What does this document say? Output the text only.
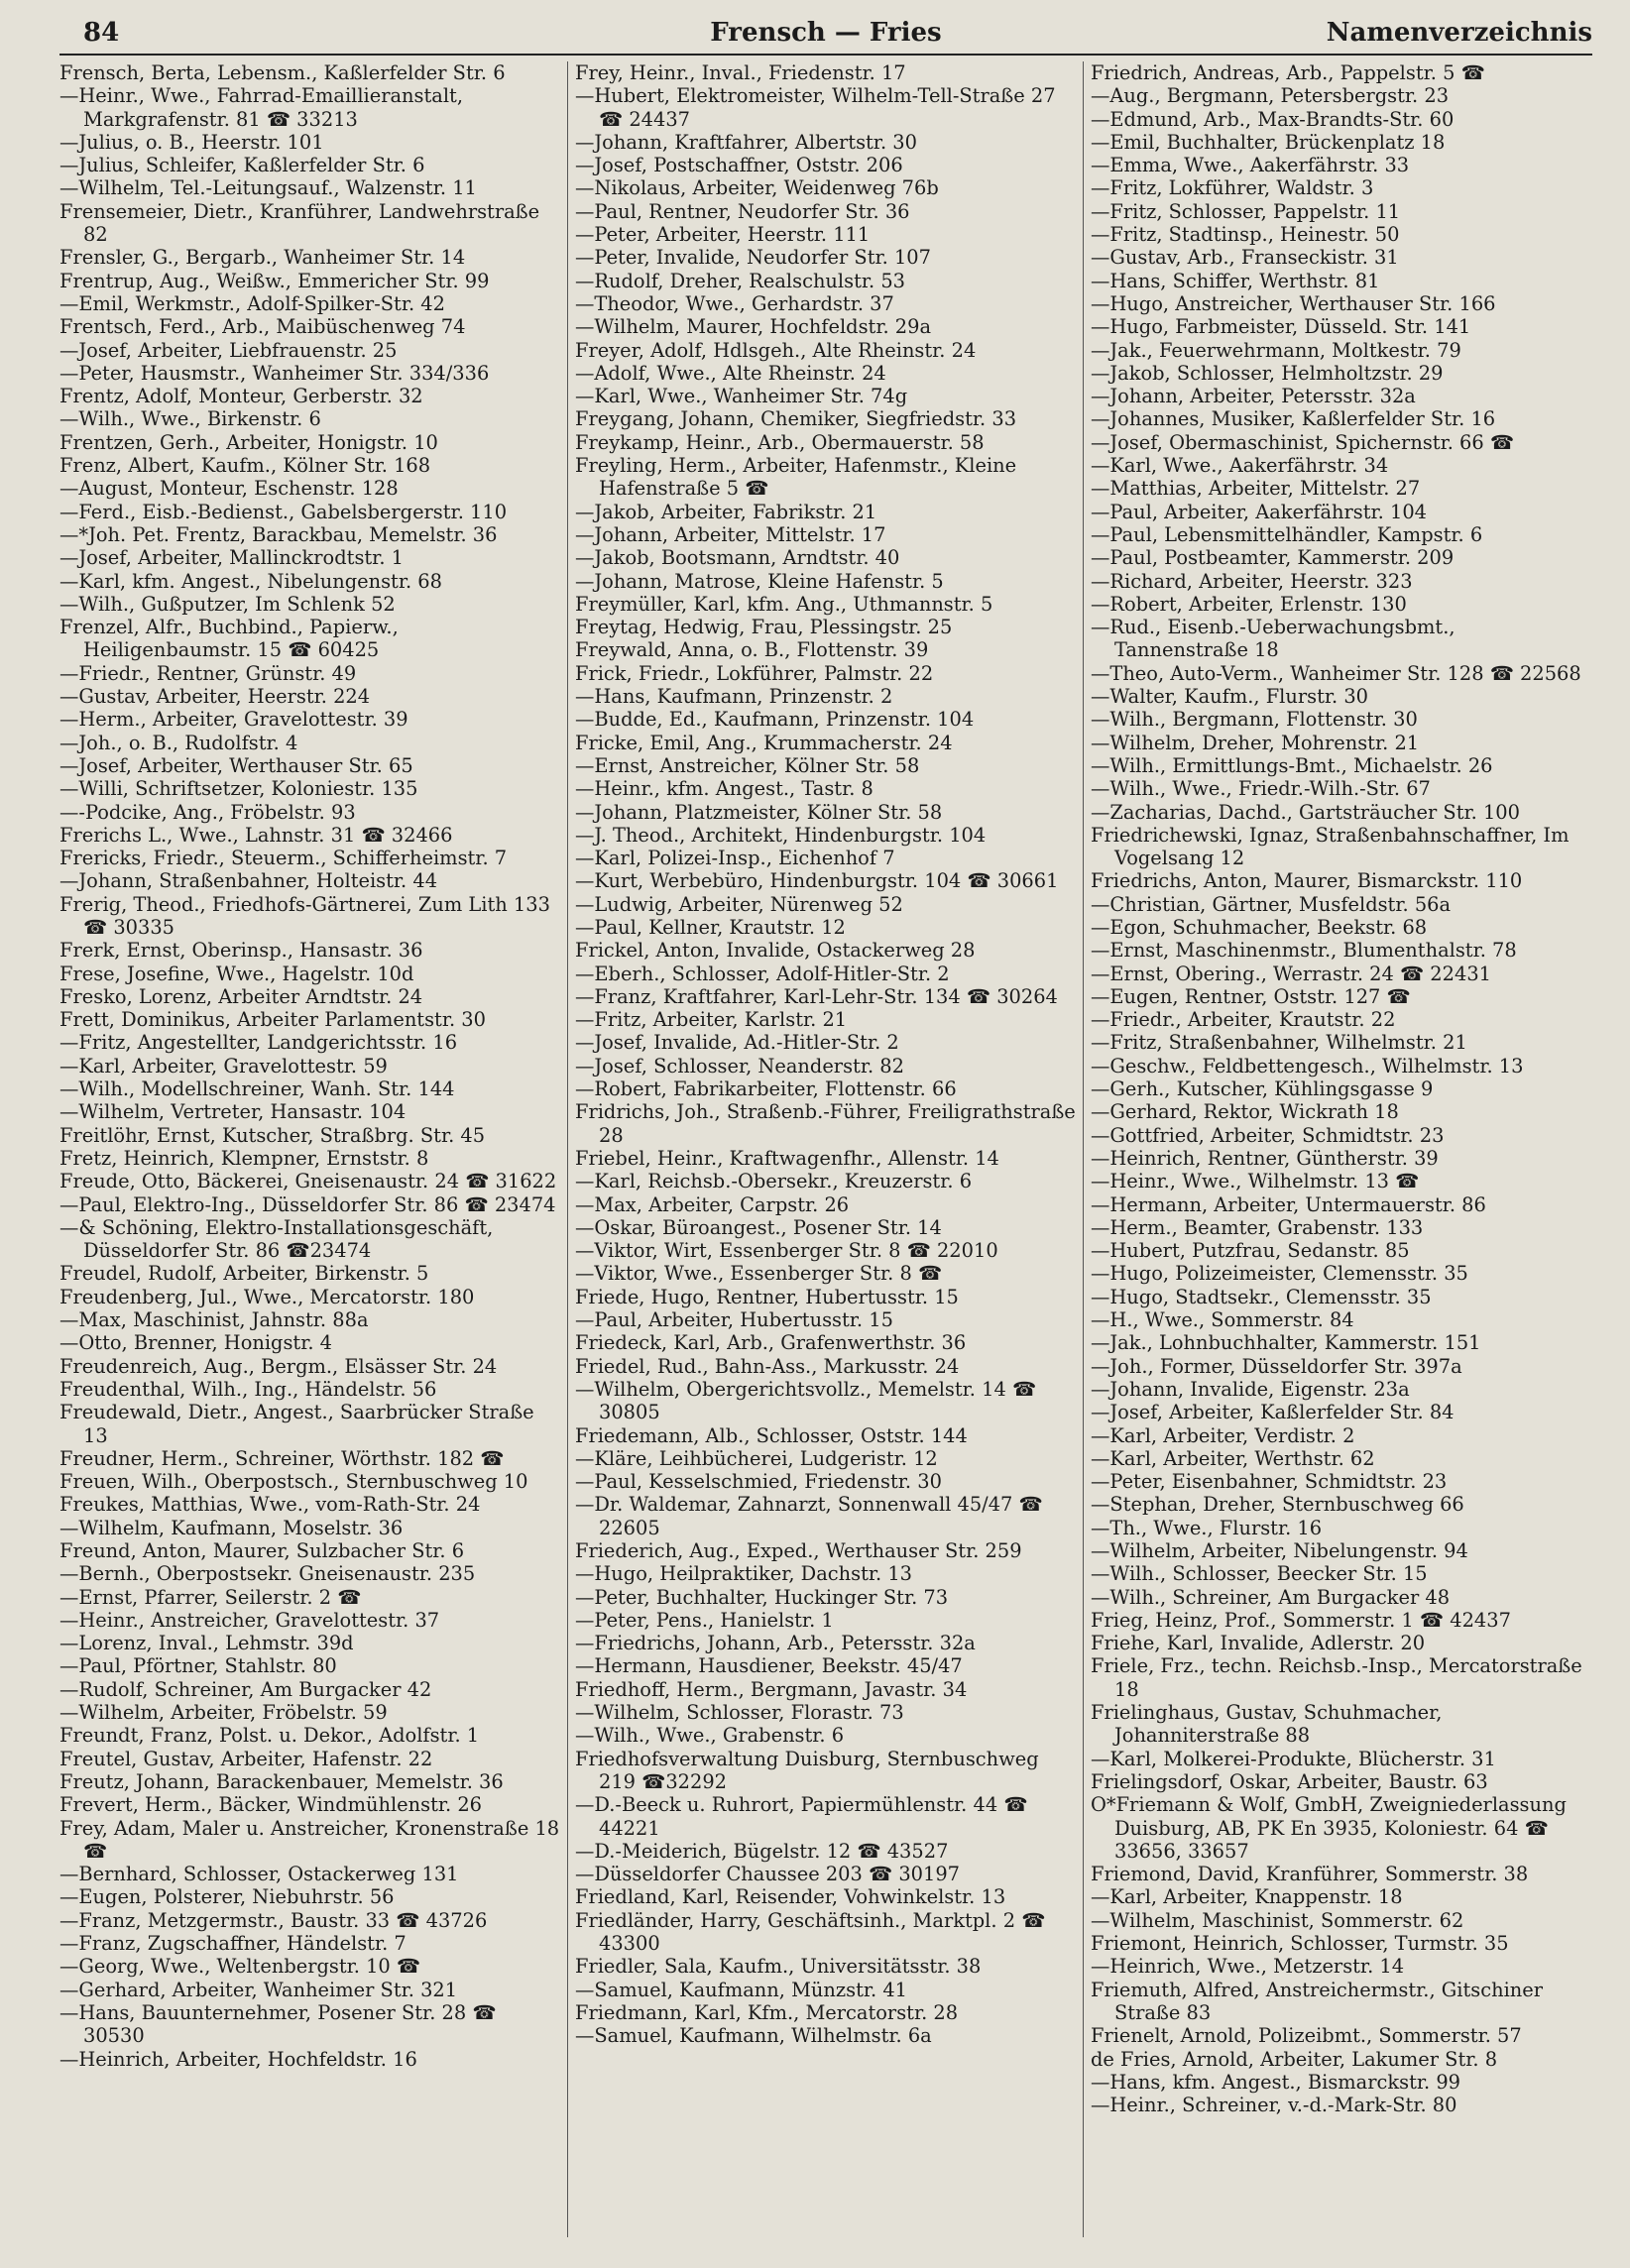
Frensch — Fries
84	Namenverzeichnis
Frensch, Berta, Lebensm., Kaßlerfelder Str. 6
—Heinr., Wwe., Fahrrad-Emaillieranstalt, Markgrafenstr. 81 ☎ 33213
—Julius, o. B., Heerstr. 101
—Julius, Schleifer, Kaßlerfelder Str. 6
—Wilhelm, Tel.-Leitungsauf., Walzenstr. 11
Frensemeier, Dietr., Kranführer, Landwehrstraße 82
Frensler, G., Bergarb., Wanheimer Str. 14
Frentrup, Aug., Weißw., Emmericher Str. 99
—Emil, Werkmstr., Adolf-Spilker-Str. 42
Frentsch, Ferd., Arb., Maibüschenweg 74
—Josef, Arbeiter, Liebfrauenstr. 25
—Peter, Hausmstr., Wanheimer Str. 334/336
Frentz, Adolf, Monteur, Gerberstr. 32
—Wilh., Wwe., Birkenstr. 6
Frentzen, Gerh., Arbeiter, Honigstr. 10
Frenz, Albert, Kaufm., Kölner Str. 168
—August, Monteur, Eschenstr. 128
—Ferd., Eisb.-Bedienst., Gabelsbergerstr. 110
—*Joh. Pet. Frentz, Barackbau, Memelstr. 36
—Josef, Arbeiter, Mallinckrodtstr. 1
—Karl, kfm. Angest., Nibelungenstr. 68
—Wilh., Gußputzer, Im Schlenk 52
Frenzel, Alfr., Buchbind., Papierw., Heiligenbaumstr. 15 ☎ 60425
—Friedr., Rentner, Grünstr. 49
—Gustav, Arbeiter, Heerstr. 224
—Herm., Arbeiter, Gravelottestr. 39
—Joh., o. B., Rudolfstr. 4
—Josef, Arbeiter, Werthauser Str. 65
—Willi, Schriftsetzer, Koloniestr. 135
—-Podcike, Ang., Fröbelstr. 93
Frerichs L., Wwe., Lahnstr. 31 ☎ 32466
Frericks, Friedr., Steuerm., Schifferheimstr. 7
—Johann, Straßenbahner, Holteistr. 44
Frerig, Theod., Friedhofs-Gärtnerei, Zum Lith 133 ☎ 30335
Frerk, Ernst, Oberinsp., Hansastr. 36
Frese, Josefine, Wwe., Hagelstr. 10d
Fresko, Lorenz, Arbeiter Arndtstr. 24
Frett, Dominikus, Arbeiter Parlamentstr. 30
—Fritz, Angestellter, Landgerichtsstr. 16
—Karl, Arbeiter, Gravelottestr. 59
—Wilh., Modellschreiner, Wanh. Str. 144
—Wilhelm, Vertreter, Hansastr. 104
Freitlöhr, Ernst, Kutscher, Straßbrg. Str. 45
Fretz, Heinrich, Klempner, Ernststr. 8
Freude, Otto, Bäckerei, Gneisenaustr. 24 ☎ 31622
—Paul, Elektro-Ing., Düsseldorfer Str. 86 ☎ 23474
—& Schöning, Elektro-Installationsgeschäft, Düsseldorfer Str. 86 ☎23474
Freudel, Rudolf, Arbeiter, Birkenstr. 5
Freudenberg, Jul., Wwe., Mercatorstr. 180
—Max, Maschinist, Jahnstr. 88a
—Otto, Brenner, Honigstr. 4
Freudenreich, Aug., Bergm., Elsässer Str. 24
Freudenthal, Wilh., Ing., Händelstr. 56
Freudewald, Dietr., Angest., Saarbrücker Straße 13
Freudner, Herm., Schreiner, Wörthstr. 182 ☎
Freuen, Wilh., Oberpostsch., Sternbuschweg 10
Freukes, Matthias, Wwe., vom-Rath-Str. 24
—Wilhelm, Kaufmann, Moselstr. 36
Freund, Anton, Maurer, Sulzbacher Str. 6
—Bernh., Oberpostsekr. Gneisenaustr. 235
—Ernst, Pfarrer, Seilerstr. 2 ☎
—Heinr., Anstreicher, Gravelottestr. 37
—Lorenz, Inval., Lehmstr. 39d
—Paul, Pförtner, Stahlstr. 80
—Rudolf, Schreiner, Am Burgacker 42
—Wilhelm, Arbeiter, Fröbelstr. 59
Freundt, Franz, Polst. u. Dekor., Adolfstr. 1
Freutel, Gustav, Arbeiter, Hafenstr. 22
Freutz, Johann, Barackenbauer, Memelstr. 36
Frevert, Herm., Bäcker, Windmühlenstr. 26
Frey, Adam, Maler u. Anstreicher, Kronenstraße 18 ☎
—Bernhard, Schlosser, Ostackerweg 131
—Eugen, Polsterer, Niebuhrstr. 56
—Franz, Metzgermstr., Baustr. 33 ☎ 43726
—Franz, Zugschaffner, Händelstr. 7
—Georg, Wwe., Weltenbergstr. 10 ☎
—Gerhard, Arbeiter, Wanheimer Str. 321
—Hans, Bauunternehmer, Posener Str. 28 ☎ 30530
—Heinrich, Arbeiter, Hochfeldstr. 16
Frey, Heinr., Inval., Friedenstr. 17
—Hubert, Elektromeister, Wilhelm-Tell-Straße 27 ☎ 24437
—Johann, Kraftfahrer, Albertstr. 30
—Josef, Postschaffner, Oststr. 206
—Nikolaus, Arbeiter, Weidenweg 76b
—Paul, Rentner, Neudorfer Str. 36
—Peter, Arbeiter, Heerstr. 111
—Peter, Invalide, Neudorfer Str. 107
—Rudolf, Dreher, Realschulstr. 53
—Theodor, Wwe., Gerhardstr. 37
—Wilhelm, Maurer, Hochfeldstr. 29a
Freyer, Adolf, Hdlsgeh., Alte Rheinstr. 24
—Adolf, Wwe., Alte Rheinstr. 24
—Karl, Wwe., Wanheimer Str. 74g
Freygang, Johann, Chemiker, Siegfriedstr. 33
Freykamp, Heinr., Arb., Obermauerstr. 58
Freyling, Herm., Arbeiter, Hafenmstr., Kleine Hafenstraße 5 ☎
—Jakob, Arbeiter, Fabrikstr. 21
—Johann, Arbeiter, Mittelstr. 17
—Jakob, Bootsmann, Arndtstr. 40
—Johann, Matrose, Kleine Hafenstr. 5
Freymüller, Karl, kfm. Ang., Uthmannstr. 5
Freytag, Hedwig, Frau, Plessingstr. 25
Freywald, Anna, o. B., Flottenstr. 39
Frick, Friedr., Lokführer, Palmstr. 22
—Hans, Kaufmann, Prinzenstr. 2
—Budde, Ed., Kaufmann, Prinzenstr. 104
Fricke, Emil, Ang., Krummacherstr. 24
—Ernst, Anstreicher, Kölner Str. 58
—Heinr., kfm. Angest., Tastr. 8
—Johann, Platzmeister, Kölner Str. 58
—J. Theod., Architekt, Hindenburgstr. 104
—Karl, Polizei-Insp., Eichenhof 7
—Kurt, Werbebüro, Hindenburgstr. 104 ☎ 30661
—Ludwig, Arbeiter, Nürenweg 52
—Paul, Kellner, Krautstr. 12
Frickel, Anton, Invalide, Ostackerweg 28
—Eberh., Schlosser, Adolf-Hitler-Str. 2
—Franz, Kraftfahrer, Karl-Lehr-Str. 134 ☎ 30264
—Fritz, Arbeiter, Karlstr. 21
—Josef, Invalide, Ad.-Hitler-Str. 2
—Josef, Schlosser, Neanderstr. 82
—Robert, Fabrikarbeiter, Flottenstr. 66
Fridrichs, Joh., Straßenb.-Führer, Freiligrathstraße 28
Friebel, Heinr., Kraftwagenfhr., Allenstr. 14
—Karl, Reichsb.-Obersekr., Kreuzerstr. 6
—Max, Arbeiter, Carpstr. 26
—Oskar, Büroangest., Posener Str. 14
—Viktor, Wirt, Essenberger Str. 8 ☎ 22010
—Viktor, Wwe., Essenberger Str. 8 ☎
Friede, Hugo, Rentner, Hubertusstr. 15
—Paul, Arbeiter, Hubertusstr. 15
Friedeck, Karl, Arb., Grafenwerthstr. 36
Friedel, Rud., Bahn-Ass., Markusstr. 24
—Wilhelm, Obergerichtsvollz., Memelstr. 14 ☎ 30805
Friedemann, Alb., Schlosser, Oststr. 144
—Kläre, Leihbücherei, Ludgeristr. 12
—Paul, Kesselschmied, Friedenstr. 30
—Dr. Waldemar, Zahnarzt, Sonnenwall 45/47 ☎ 22605
Friederich, Aug., Exped., Werthauser Str. 259
—Hugo, Heilpraktiker, Dachstr. 13
—Peter, Buchhalter, Huckinger Str. 73
—Peter, Pens., Hanielstr. 1
—Friedrichs, Johann, Arb., Petersstr. 32a
—Hermann, Hausdiener, Beekstr. 45/47
Friedhoff, Herm., Bergmann, Javastr. 34
—Wilhelm, Schlosser, Florastr. 73
—Wilh., Wwe., Grabenstr. 6
Friedhofsverwaltung Duisburg, Sternbuschweg 219 ☎32292
—D.-Beeck u. Ruhrort, Papiermühlenstr. 44 ☎ 44221
—D.-Meiderich, Bügelstr. 12 ☎ 43527
—Düsseldorfer Chaussee 203 ☎ 30197
Friedland, Karl, Reisender, Vohwinkelstr. 13
Friedländer, Harry, Geschäftsinh., Marktpl. 2 ☎ 43300
Friedler, Sala, Kaufm., Universitätsstr. 38
—Samuel, Kaufmann, Münzstr. 41
Friedmann, Karl, Kfm., Mercatorstr. 28
—Samuel, Kaufmann, Wilhelmstr. 6a
Friedrich, Andreas, Arb., Pappelstr. 5 ☎
—Aug., Bergmann, Petersbergstr. 23
—Edmund, Arb., Max-Brandts-Str. 60
—Emil, Buchhalter, Brückenplatz 18
—Emma, Wwe., Aakerfährstr. 33
—Fritz, Lokführer, Waldstr. 3
—Fritz, Schlosser, Pappelstr. 11
—Fritz, Stadtinsp., Heinestr. 50
—Gustav, Arb., Franseckistr. 31
—Hans, Schiffer, Werthstr. 81
—Hugo, Anstreicher, Werthauser Str. 166
—Hugo, Farbmeister, Düsseld. Str. 141
—Jak., Feuerwehrmann, Moltkestr. 79
—Jakob, Schlosser, Helmholtzstr. 29
—Johann, Arbeiter, Petersstr. 32a
—Johannes, Musiker, Kaßlerfelder Str. 16
—Josef, Obermaschinist, Spichernstr. 66 ☎
—Karl, Wwe., Aakerfährstr. 34
—Matthias, Arbeiter, Mittelstr. 27
—Paul, Arbeiter, Aakerfährstr. 104
—Paul, Lebensmittelhändler, Kampstr. 6
—Paul, Postbeamter, Kammerstr. 209
—Richard, Arbeiter, Heerstr. 323
—Robert, Arbeiter, Erlenstr. 130
—Rud., Eisenb.-Ueberwachungsbmt., Tannenstraße 18
—Theo, Auto-Verm., Wanheimer Str. 128 ☎ 22568
—Walter, Kaufm., Flurstr. 30
—Wilh., Bergmann, Flottenstr. 30
—Wilhelm, Dreher, Mohrenstr. 21
—Wilh., Ermittlungs-Bmt., Michaelstr. 26
—Wilh., Wwe., Friedr.-Wilh.-Str. 67
—Zacharias, Dachd., Gartsträucher Str. 100
Friedrichewski, Ignaz, Straßenbahnschaffner, Im Vogelsang 12
Friedrichs, Anton, Maurer, Bismarckstr. 110
—Christian, Gärtner, Musfeldstr. 56a
—Egon, Schuhmacher, Beekstr. 68
—Ernst, Maschinenmstr., Blumenthalstr. 78
—Ernst, Obering., Werrastr. 24 ☎ 22431
—Eugen, Rentner, Oststr. 127 ☎
—Friedr., Arbeiter, Krautstr. 22
—Fritz, Straßenbahner, Wilhelmstr. 21
—Geschw., Feldbettengesch., Wilhelmstr. 13
—Gerh., Kutscher, Kühlingsgasse 9
—Gerhard, Rektor, Wickrath 18
—Gottfried, Arbeiter, Schmidtstr. 23
—Heinrich, Rentner, Güntherstr. 39
—Heinr., Wwe., Wilhelmstr. 13 ☎
—Hermann, Arbeiter, Untermauerstr. 86
—Herm., Beamter, Grabenstr. 133
—Hubert, Putzfrau, Sedanstr. 85
—Hugo, Polizeimeister, Clemensstr. 35
—Hugo, Stadtsekr., Clemensstr. 35
—H., Wwe., Sommerstr. 84
—Jak., Lohnbuchhalter, Kammerstr. 151
—Joh., Former, Düsseldorfer Str. 397a
—Johann, Invalide, Eigenstr. 23a
—Josef, Arbeiter, Kaßlerfelder Str. 84
—Karl, Arbeiter, Verdistr. 2
—Karl, Arbeiter, Werthstr. 62
—Peter, Eisenbahner, Schmidtstr. 23
—Stephan, Dreher, Sternbuschweg 66
—Th., Wwe., Flurstr. 16
—Wilhelm, Arbeiter, Nibelungenstr. 94
—Wilh., Schlosser, Beecker Str. 15
—Wilh., Schreiner, Am Burgacker 48
Frieg, Heinz, Prof., Sommerstr. 1 ☎ 42437
Friehe, Karl, Invalide, Adlerstr. 20
Friele, Frz., techn. Reichsb.-Insp., Mercatorstraße 18
Frielinghaus, Gustav, Schuhmacher, Johanniterstraße 88
—Karl, Molkerei-Produkte, Blücherstr. 31
Frielingsdorf, Oskar, Arbeiter, Baustr. 63
O*Friemann & Wolf, GmbH, Zweigniederlassung Duisburg, AB, PK En 3935, Koloniestr. 64 ☎ 33656, 33657
Friemond, David, Kranführer, Sommerstr. 38
—Karl, Arbeiter, Knappenstr. 18
—Wilhelm, Maschinist, Sommerstr. 62
Friemont, Heinrich, Schlosser, Turmstr. 35
—Heinrich, Wwe., Metzerstr. 14
Friemuth, Alfred, Anstreichermstr., Gitschiner Straße 83
Frienelt, Arnold, Polizeibmt., Sommerstr. 57
de Fries, Arnold, Arbeiter, Lakumer Str. 8
—Hans, kfm. Angest., Bismarckstr. 99
—Heinr., Schreiner, v.-d.-Mark-Str. 80
